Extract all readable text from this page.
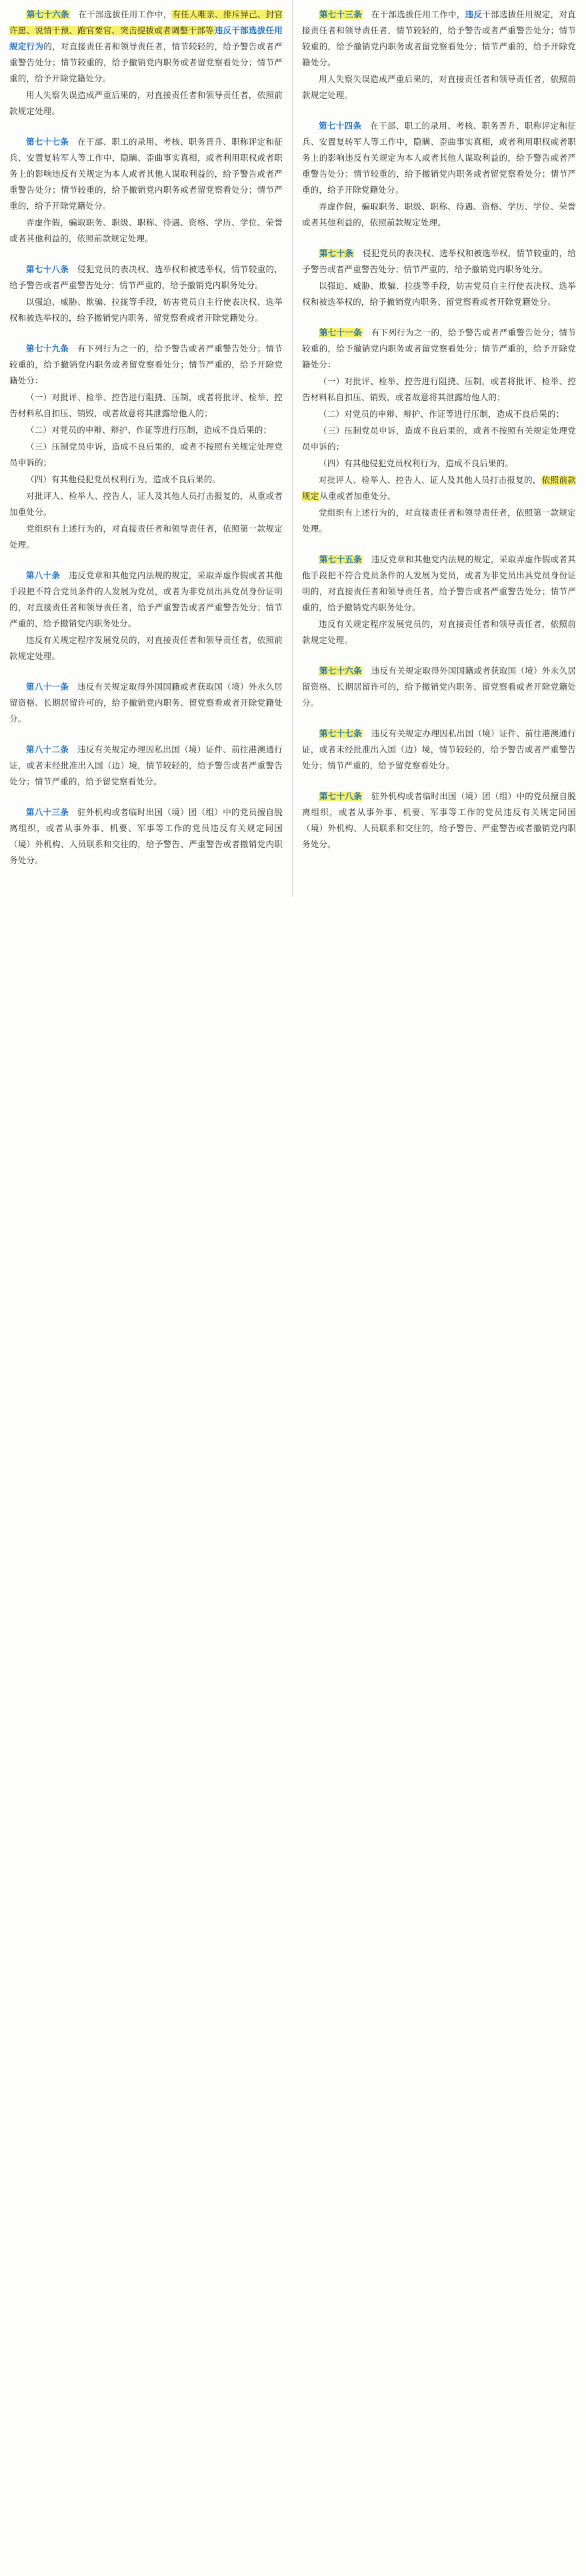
第七十六条　 在干部选拔任用工作中，有任人唯亲、排斥异己、封官许愿、说情干预、跑官要官、突击提拔或者调整干部等违反干部选拔任用规定行为的，对直接责任者和领导责任者，情节较轻的，给予警告或者严重警告处分；情节较重的，给予撤销党内职务或者留党察看处分；情节严重的，给予开除党籍处分。

用人失察失误造成严重后果的，对直接责任者和领导责任者，依照前款规定处理。

第七十七条　 在干部、职工的录用、考核、职务晋升、职称评定和征兵、安置复转军人等工作中，隐瞒、歪曲事实真相，或者利用职权或者职务上的影响违反有关规定为本人或者其他人谋取利益的，给予警告或者严重警告处分；情节较重的，给予撤销党内职务或者留党察看处分；情节严重的，给予开除党籍处分。

弄虚作假，骗取职务、职级、职称、待遇、资格、学历、学位、荣誉或者其他利益的，依照前款规定处理。

第七十八条　 侵犯党员的表决权、选举权和被选举权，情节较重的，给予警告或者严重警告处分；情节严重的，给予撤销党内职务处分。

以强迫、威胁、欺骗、拉拢等手段，妨害党员自主行使表决权、选举权和被选举权的，给予撤销党内职务、留党察看或者开除党籍处分。

第七十九条　 有下列行为之一的，给予警告或者严重警告处分；情节较重的，给予撤销党内职务或者留党察看处分；情节严重的，给予开除党籍处分：

（一）对批评、检举、控告进行阻挠、压制，或者将批评、检举、控告材料私自扣压、销毁，或者故意将其泄露给他人的；

（二）对党员的申辩、辩护、作证等进行压制，造成不良后果的；

（三）压制党员申诉，造成不良后果的，或者不按照有关规定处理党员申诉的；

（四）有其他侵犯党员权利行为，造成不良后果的。

对批评人、检举人、控告人、证人及其他人员打击报复的，从重或者加重处分。

党组织有上述行为的，对直接责任者和领导责任者，依照第一款规定处理。

第八十条　 违反党章和其他党内法规的规定，采取弄虚作假或者其他手段把不符合党员条件的人发展为党员，或者为非党员出具党员身份证明的，对直接责任者和领导责任者，给予严重警告或者严重警告处分；情节严重的，给予撤销党内职务处分。

违反有关规定程序发展党员的，对直接责任者和领导责任者，依照前款规定处理。

第八十一条　 违反有关规定取得外国国籍或者获取国（境）外永久居留资格、长期居留许可的，给予撤销党内职务、留党察看或者开除党籍处分。

第八十二条　 违反有关规定办理因私出国（境）证件、前往港澳通行证，或者未经批准出入国（边）境，情节较轻的，给予警告或者严重警告处分；情节严重的，给予留党察看处分。

第八十三条　 驻外机构或者临时出国（境）团（组）中的党员擅自脱离组织，或者从事外事、机要、军事等工作的党员违反有关规定同国（境）外机构、人员联系和交往的，给予警告、严重警告或者撤销党内职务处分。

第七十三条　 在干部选拔任用工作中，违反干部选拔任用规定，对直接责任者和领导责任者，情节较轻的，给予警告或者严重警告处分；情节较重的，给予撤销党内职务或者留党察看处分；情节严重的，给予开除党籍处分。

用人失察失误造成严重后果的，对直接责任者和领导责任者，依照前款规定处理。

第七十四条　 在干部、职工的录用、考核、职务晋升、职称评定和征兵、安置复转军人等工作中，隐瞒、歪曲事实真相，或者利用职权或者职务上的影响违反有关规定为本人或者其他人谋取利益的，给予警告或者严重警告处分；情节较重的，给予撤销党内职务或者留党察看处分；情节严重的，给予开除党籍处分。

弄虚作假，骗取职务、职级、职称、待遇、资格、学历、学位、荣誉或者其他利益的，依照前款规定处理。

第七十条　 侵犯党员的表决权、选举权和被选举权，情节较重的，给予警告或者严重警告处分；情节严重的，给予撤销党内职务处分。

以强迫、威胁、欺骗、拉拢等手段，妨害党员自主行使表决权、选举权和被选举权的，给予撤销党内职务、留党察看或者开除党籍处分。

第七十一条　 有下列行为之一的，给予警告或者严重警告处分；情节较重的，给予撤销党内职务或者留党察看处分；情节严重的，给予开除党籍处分：

（一）对批评、检举、控告进行阻挠、压制，或者将批评、检举、控告材料私自扣压、销毁，或者故意将其泄露给他人的；

（二）对党员的申辩、辩护、作证等进行压制，造成不良后果的；

（三）压制党员申诉，造成不良后果的，或者不按照有关规定处理党员申诉的；

（四）有其他侵犯党员权利行为，造成不良后果的。

对批评人、检举人、控告人、证人及其他人员打击报复的，依照前款规定从重或者加重处分。

党组织有上述行为的，对直接责任者和领导责任者，依照第一款规定处理。

第七十五条　 违反党章和其他党内法规的规定，采取弄虚作假或者其他手段把不符合党员条件的人发展为党员，或者为非党员出具党员身份证明的，对直接责任者和领导责任者，给予警告或者严重警告处分；情节严重的，给予撤销党内职务处分。

违反有关规定程序发展党员的，对直接责任者和领导责任者，依照前款规定处理。

第七十六条　 违反有关规定取得外国国籍或者获取国（境）外永久居留资格、长期居留许可的，给予撤销党内职务、留党察看或者开除党籍处分。

第七十七条　 违反有关规定办理因私出国（境）证件、前往港澳通行证，或者未经批准出入国（边）境，情节较轻的，给予警告或者严重警告处分；情节严重的，给予留党察看处分。

第七十八条　 驻外机构或者临时出国（境）团（组）中的党员擅自脱离组织，或者从事外事、机要、军事等工作的党员违反有关规定同国（境）外机构、人员联系和交往的，给予警告、严重警告或者撤销党内职务处分。
